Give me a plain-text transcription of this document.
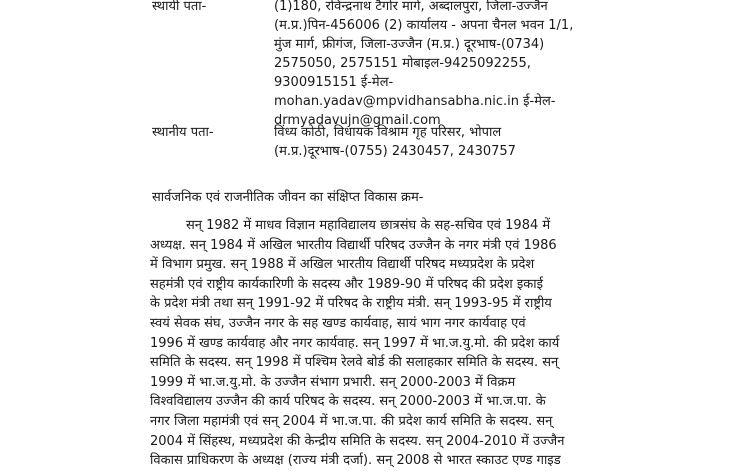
स्थायी पता-	(1)180, रविन्द्रनाथ टैगोर मार्ग, अब्दालपुरा, जिला-उज्जैन
(म.प्र.)पिन-456006 (2) कार्यालय - अपना चैनल भवन 1/1,
मुंज मार्ग, फ्रीगंज, जिला-उज्जैन (म.प्र.) दूरभाष-(0734)
2575050, 2575151 मोबाइल-9425092255,
9300915151 ई-मेल-
mohan.yadav@mpvidhansabha.nic.in ई-मेल-
drmyadavujn@gmail.com
स्थानीय पता-	विंध्य कोठी, विधायक विश्राम गृह परिसर, भोपाल
(म.प्र.)दूरभाष-(0755) 2430457, 2430757
सार्वजनिक एवं राजनीतिक जीवन का संक्षिप्त विकास क्रम-
सन् 1982 में माधव विज्ञान महाविद्यालय छात्रसंघ के सह-सचिव एवं 1984 में
अध्यक्ष. सन् 1984 में अखिल भारतीय विद्यार्थी परिषद उज्जैन के नगर मंत्री एवं 1986
में विभाग प्रमुख. सन् 1988 में अखिल भारतीय विद्यार्थी परिषद मध्यप्रदेश के प्रदेश
सहमंत्री एवं राष्ट्रीय कार्यकारिणी के सदस्य और 1989-90 में परिषद की प्रदेश इकाई
के प्रदेश मंत्री तथा सन् 1991-92 में परिषद के राष्ट्रीय मंत्री. सन् 1993-95 में राष्ट्रीय
स्वयं सेवक संघ, उज्जैन नगर के सह खण्ड कार्यवाह, सायं भाग नगर कार्यवाह एवं
1996 में खण्ड कार्यवाह और नगर कार्यवाह. सन् 1997 में भा.ज.यु.मो. की प्रदेश कार्य
समिति के सदस्य. सन् 1998 में पश्चिम रेलवे बोर्ड की सलाहकार समिति के सदस्य. सन्
1999 में भा.ज.यु.मो. के उज्जैन संभाग प्रभारी. सन् 2000-2003 में विक्रम
विश्वविद्यालय उज्जैन की कार्य परिषद के सदस्य. सन् 2000-2003 में भा.ज.पा. के
नगर जिला महामंत्री एवं सन् 2004 में भा.ज.पा. की प्रदेश कार्य समिति के सदस्य. सन्
2004 में सिंहस्थ, मध्यप्रदेश की केन्द्रीय समिति के सदस्य. सन् 2004-2010 में उज्जैन
विकास प्राधिकरण के अध्यक्ष (राज्य मंत्री दर्जा). सन् 2008 से भारत स्काउट एण्ड गाइड
